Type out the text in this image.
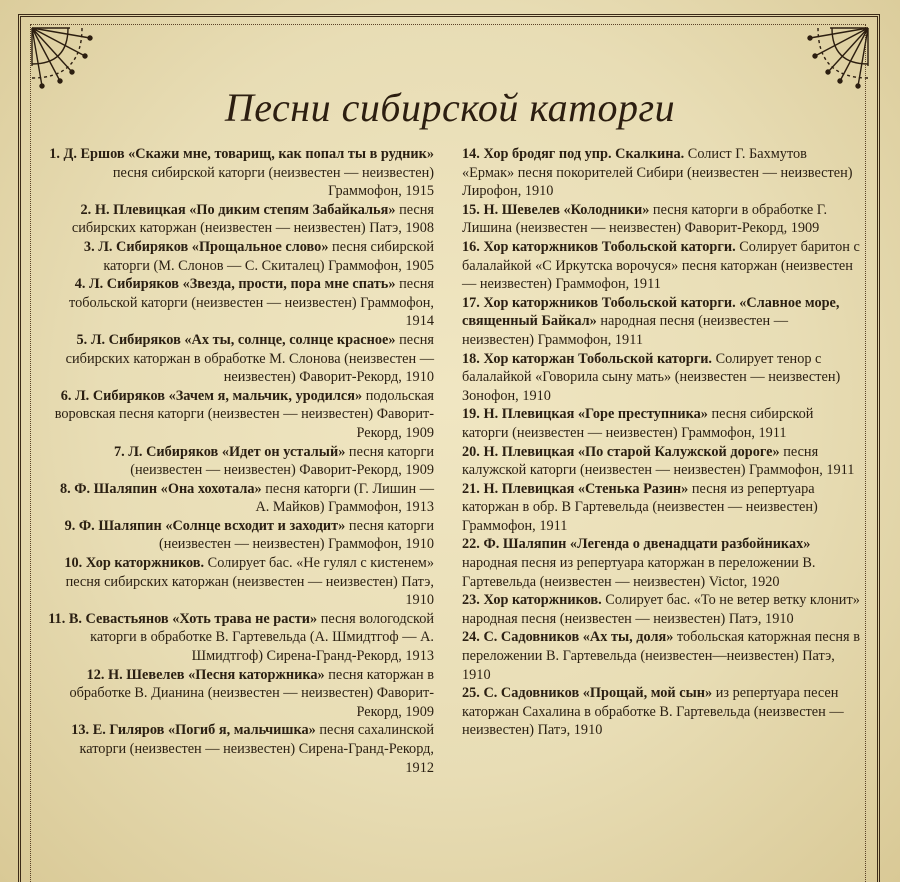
Песни сибирской каторги

1. Д. Ершов «Скажи мне, товарищ, как попал ты в рудник» песня сибирской каторги (неизвестен — неизвестен) Граммофон, 1915

2. Н. Плевицкая «По диким степям Забайкалья» песня сибирских каторжан (неизвестен — неизвестен) Патэ, 1908

3. Л. Сибиряков «Прощальное слово» песня сибирской каторги (М. Слонов — С. Скиталец) Граммофон, 1905

4. Л. Сибиряков «Звезда, прости, пора мне спать» песня тобольской каторги (неизвестен — неизвестен) Граммофон, 1914

5. Л. Сибиряков «Ах ты, солнце, солнце красное» песня сибирских каторжан в обработке М. Слонова (неизвестен — неизвестен) Фаворит-Рекорд, 1910

6. Л. Сибиряков «Зачем я, мальчик, уродился» подольская воровская песня каторги (неизвестен — неизвестен) Фаворит-Рекорд, 1909

7. Л. Сибиряков «Идет он усталый» песня каторги (неизвестен — неизвестен) Фаворит-Рекорд, 1909

8. Ф. Шаляпин «Она хохотала» песня каторги (Г. Лишин — А. Майков) Граммофон, 1913

9. Ф. Шаляпин «Солнце всходит и заходит» песня каторги (неизвестен — неизвестен) Граммофон, 1910

10. Хор каторжников. Солирует бас. «Не гулял с кистенем» песня сибирских каторжан (неизвестен — неизвестен) Патэ, 1910

11. В. Севастьянов «Хоть трава не расти» песня вологодской каторги в обработке В. Гартевельда (А. Шмидтгоф — А. Шмидтгоф) Сирена-Гранд-Рекорд, 1913

12. Н. Шевелев «Песня каторжника» песня каторжан в обработке В. Дианина (неизвестен — неизвестен) Фаворит-Рекорд, 1909

13. Е. Гиляров «Погиб я, мальчишка» песня сахалинской каторги (неизвестен — неизвестен) Сирена-Гранд-Рекорд, 1912

14. Хор бродяг под упр. Скалкина. Солист Г. Бахмутов «Ермак» песня покорителей Сибири (неизвестен — неизвестен) Лирофон, 1910

15. Н. Шевелев «Колодники» песня каторги в обработке Г. Лишина (неизвестен — неизвестен) Фаворит-Рекорд, 1909

16. Хор каторжников Тобольской каторги. Солирует баритон с балалайкой «С Иркутска ворочуся» песня каторжан (неизвестен — неизвестен) Граммофон, 1911

17. Хор каторжников Тобольской каторги. «Славное море, священный Байкал» народная песня (неизвестен — неизвестен) Граммофон, 1911

18. Хор каторжан Тобольской каторги. Солирует тенор с балалайкой «Говорила сыну мать» (неизвестен — неизвестен) Зонофон, 1910

19. Н. Плевицкая «Горе преступника» песня сибирской каторги (неизвестен — неизвестен) Граммофон, 1911

20. Н. Плевицкая «По старой Калужской дороге» песня калужской каторги (неизвестен — неизвестен) Граммофон, 1911

21. Н. Плевицкая «Стенька Разин» песня из репертуара каторжан в обр. В Гартевельда (неизвестен — неизвестен) Граммофон, 1911

22. Ф. Шаляпин «Легенда о двенадцати разбойниках» народная песня из репертуара каторжан в переложении В. Гартевельда (неизвестен — неизвестен) Victor, 1920

23. Хор каторжников. Солирует бас. «То не ветер ветку клонит» народная песня (неизвестен — неизвестен) Патэ, 1910

24. С. Садовников «Ах ты, доля» тобольская каторжная песня в переложении В. Гартевельда (неизвестен—неизвестен) Патэ, 1910

25. С. Садовников «Прощай, мой сын» из репертуара песен каторжан Сахалина в обработке В. Гартевельда (неизвестен — неизвестен) Патэ, 1910
